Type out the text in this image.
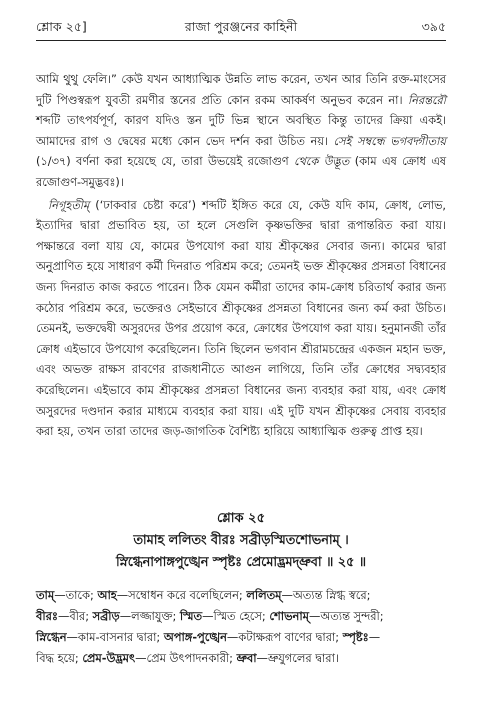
শ্লোক ২৫]	রাজা পুরঞ্জনের কাহিনী	৩৯৫

আমি থুথু ফেলি।” কেউ যখন আধ্যাত্মিক উন্নতি লাভ করেন, তখন আর তিনি রক্ত-মাংসের দুটি পিণ্ডস্বরূপ যুবতী রমণীর স্তনের প্রতি কোন রকম আকর্ষণ অনুভব করেন না। নিরন্তরৌ শব্দটি তাৎপর্যপূর্ণ, কারণ যদিও স্তন দুটি ভিন্ন স্থানে অবস্থিত কিন্তু তাদের ক্রিয়া একই। আমাদের রাগ ও দ্বেষের মধ্যে কোন ভেদ দর্শন করা উচিত নয়। সেই সম্বন্ধে ভগবদ্গীতায় (১/৩৭) বর্ণনা করা হয়েছে যে, তারা উভয়েই রজোগুণ থেকে উদ্ভূত (কাম এষ ক্রোধ এষ রজোগুণ-সমুদ্ভবঃ)।

নিগূহতীম্‌ (‘ঢাকবার চেষ্টা করে’) শব্দটি ইঙ্গিত করে যে, কেউ যদি কাম, ক্রোধ, লোভ, ইত্যাদির দ্বারা প্রভাবিত হয়, তা হলে সেগুলি কৃষ্ণভক্তির দ্বারা রূপান্তরিত করা যায়। পক্ষান্তরে বলা যায় যে, কামের উপযোগ করা যায় শ্রীকৃষ্ণের সেবার জন্য। কামের দ্বারা অনুপ্রাণিত হয়ে সাধারণ কর্মী দিনরাত পরিশ্রম করে; তেমনই ভক্ত শ্রীকৃষ্ণের প্রসন্নতা বিধানের জন্য দিনরাত কাজ করতে পারেন। ঠিক যেমন কর্মীরা তাদের কাম-ক্রোধ চরিতার্থ করার জন্য কঠোর পরিশ্রম করে, ভক্তেরও সেইভাবে শ্রীকৃষ্ণের প্রসন্নতা বিধানের জন্য কর্ম করা উচিত। তেমনই, ভক্তদ্বেষী অসুরদের উপর প্রয়োগ করে, ক্রোধের উপযোগ করা যায়। হনুমানজী তাঁর ক্রোধ এইভাবে উপযোগ করেছিলেন। তিনি ছিলেন ভগবান শ্রীরামচন্দ্রের একজন মহান ভক্ত, এবং অভক্ত রাক্ষস রাবণের রাজধানীতে আগুন লাগিয়ে, তিনি তাঁর ক্রোধের সদ্ব্যবহার করেছিলেন। এইভাবে কাম শ্রীকৃষ্ণের প্রসন্নতা বিধানের জন্য ব্যবহার করা যায়, এবং ক্রোধ অসুরদের দণ্ডদান করার মাধ্যমে ব্যবহার করা যায়। এই দুটি যখন শ্রীকৃষ্ণের সেবায় ব্যবহার করা হয়, তখন তারা তাদের জড়-জাগতিক বৈশিষ্ট্য হারিয়ে আধ্যাত্মিক গুরুত্ব প্রাপ্ত হয়।

শ্লোক ২৫
তামাহ ললিতং বীরঃ সব্রীড়স্মিতশোভনাম্ ।
স্নিগ্ধেনাপাঙ্গপুঙ্খেন স্পৃষ্টঃ প্রেমোদ্ভ্রমদ্ভ্রুবা ॥ ২৫ ॥

তাম্—তাকে; আহ—সম্বোধন করে বলেছিলেন; ললিতম্—অত্যন্ত স্নিগ্ধ স্বরে;

বীরঃ—বীর; সব্রীড়—লজ্জাযুক্ত; স্মিত—স্মিত হেসে; শোভনাম্—অত্যন্ত সুন্দরী;

স্নিগ্ধেন—কাম-বাসনার দ্বারা; অপাঙ্গ-পুঙ্খেন—কটাক্ষরূপ বাণের দ্বারা; স্পৃষ্টঃ—

বিদ্ধ হয়ে; প্রেম-উদ্ভ্রমৎ—প্রেম উৎপাদনকারী; ভ্রুবা—ভ্রুযুগলের দ্বারা।
